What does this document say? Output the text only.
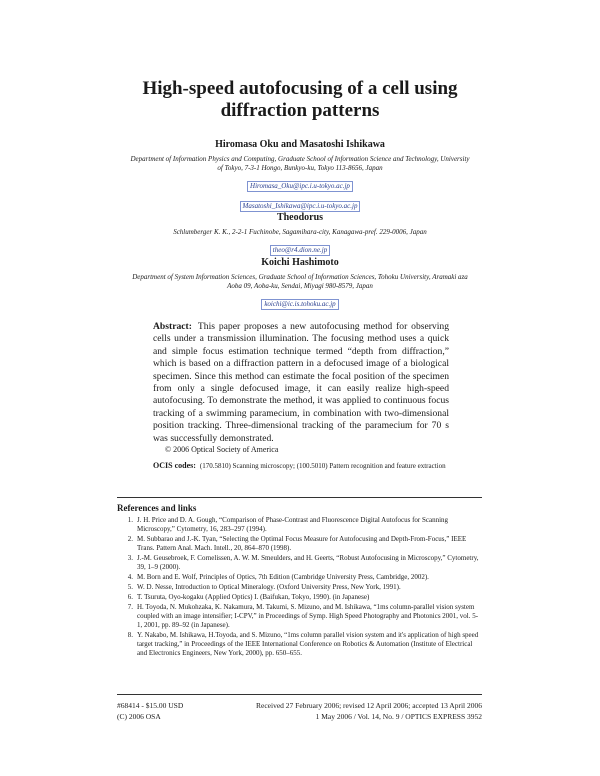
High-speed autofocusing of a cell using diffraction patterns
Hiromasa Oku and Masatoshi Ishikawa
Department of Information Physics and Computing, Graduate School of Information Science and Technology, University of Tokyo, 7-3-1 Hongo, Bunkyo-ku, Tokyo 113-8656, Japan
Hiromasa_Oku@ipc.i.u-tokyo.ac.jp
Masatoshi_Ishikawa@ipc.i.u-tokyo.ac.jp
Theodorus
Schlumberger K. K., 2-2-1 Fuchinobe, Sagamihara-city, Kanagawa-pref. 229-0006, Japan
theo@r4.dion.ne.jp
Koichi Hashimoto
Department of System Information Sciences, Graduate School of Information Sciences, Tohoku University, Aramaki aza Aoba 09, Aoba-ku, Sendai, Miyagi 980-8579, Japan
koichi@ic.is.tohoku.ac.jp
Abstract: This paper proposes a new autofocusing method for observing cells under a transmission illumination. The focusing method uses a quick and simple focus estimation technique termed “depth from diffraction,” which is based on a diffraction pattern in a defocused image of a biological specimen. Since this method can estimate the focal position of the specimen from only a single defocused image, it can easily realize high-speed autofocusing. To demonstrate the method, it was applied to continuous focus tracking of a swimming paramecium, in combination with two-dimensional position tracking. Three-dimensional tracking of the paramecium for 70 s was successfully demonstrated.
© 2006 Optical Society of America
OCIS codes: (170.5810) Scanning microscopy; (100.5010) Pattern recognition and feature extraction
References and links
1. J. H. Price and D. A. Gough, “Comparison of Phase-Contrast and Fluorescence Digital Autofocus for Scanning Microscopy,” Cytometry, 16, 283–297 (1994).
2. M. Subbarao and J.-K. Tyan, “Selecting the Optimal Focus Measure for Autofocusing and Depth-From-Focus,” IEEE Trans. Pattern Anal. Mach. Intell., 20, 864–870 (1998).
3. J.-M. Geusebroek, F. Cornelissen, A. W. M. Smeulders, and H. Geerts, “Robust Autofocusing in Microscopy,” Cytometry, 39, 1–9 (2000).
4. M. Born and E. Wolf, Principles of Optics, 7th Edition (Cambridge University Press, Cambridge, 2002).
5. W. D. Nesse, Introduction to Optical Mineralogy. (Oxford University Press, New York, 1991).
6. T. Tsuruta, Oyo-kogaku (Applied Optics) I. (Baifukan, Tokyo, 1990). (in Japanese)
7. H. Toyoda, N. Mukohzaka, K. Nakamura, M. Takumi, S. Mizuno, and M. Ishikawa, “1ms column-parallel vision system coupled with an image intensifier; I-CPV,” in Proceedings of Symp. High Speed Photography and Photonics 2001, vol. 5-1, 2001, pp. 89–92 (in Japanese).
8. Y. Nakabo, M. Ishikawa, H.Toyoda, and S. Mizuno, “1ms column parallel vision system and it's application of high speed target tracking,” in Proceedings of the IEEE International Conference on Robotics & Automation (Institute of Electrical and Electronics Engineers, New York, 2000), pp. 650–655.
#68414 - $15.00 USD
(C) 2006 OSA
Received 27 February 2006; revised 12 April 2006; accepted 13 April 2006
1 May 2006 / Vol. 14, No. 9 / OPTICS EXPRESS 3952
